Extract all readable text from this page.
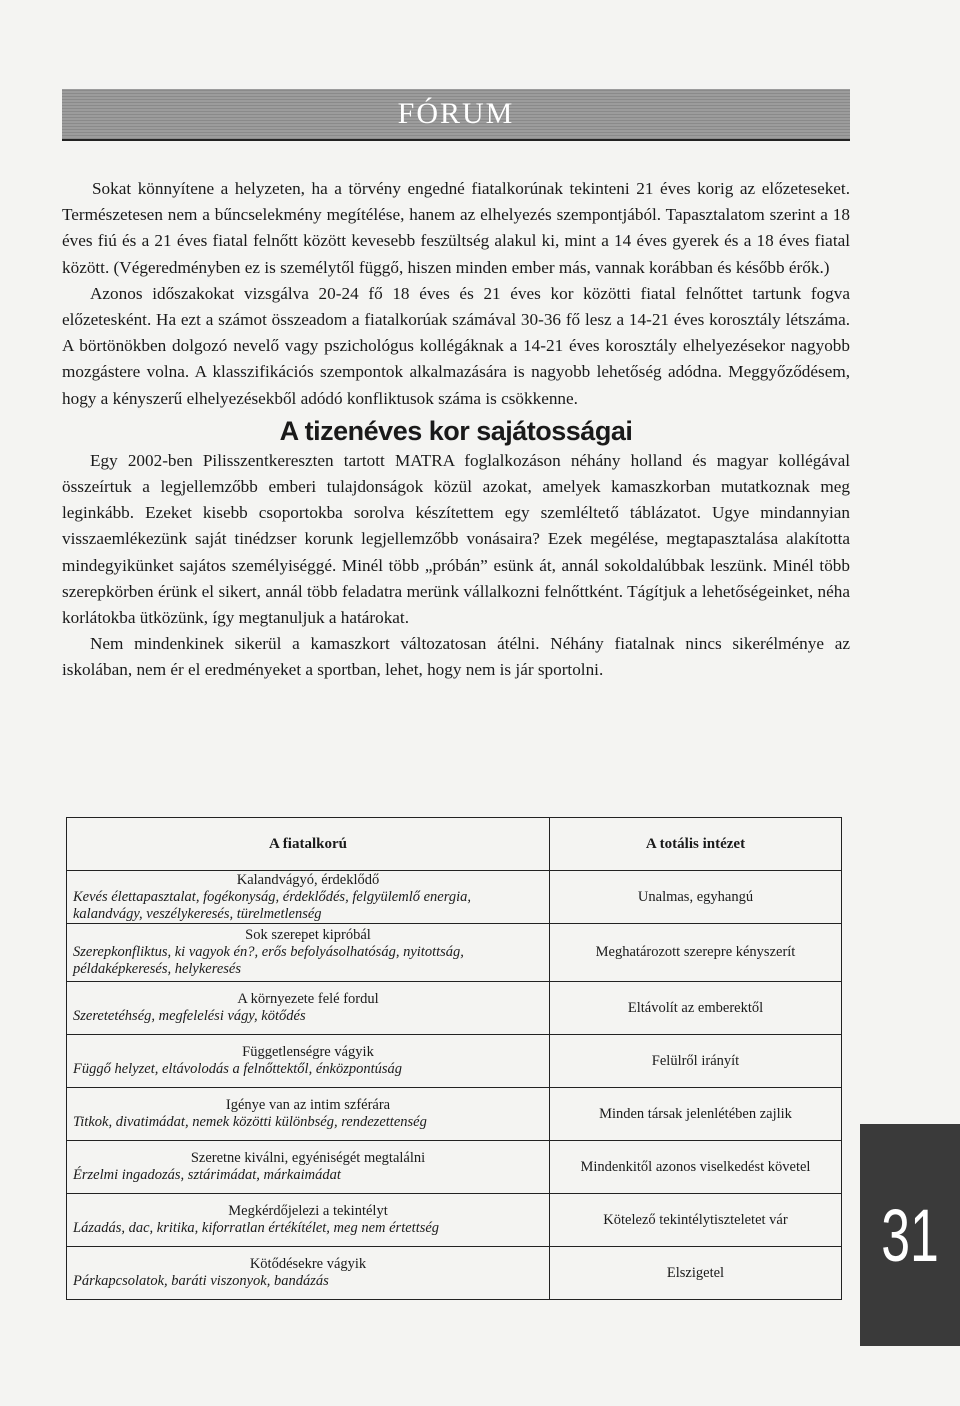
FÓRUM

Sokat könnyítene a helyzeten, ha a törvény engedné fiatalkorúnak tekinteni 21 éves korig az előzeteseket. Természetesen nem a bűncselekmény megítélése, hanem az elhelyezés szempontjából. Tapasztalatom szerint a 18 éves fiú és a 21 éves fiatal felnőtt között kevesebb feszültség alakul ki, mint a 14 éves gyerek és a 18 éves fiatal között. (Végeredményben ez is személytől függő, hiszen minden ember más, vannak korábban és később érők.)

Azonos időszakokat vizsgálva 20-24 fő 18 éves és 21 éves kor közötti fiatal felnőttet tartunk fogva előzetesként. Ha ezt a számot összeadom a fiatalkorúak számával 30-36 fő lesz a 14-21 éves korosztály létszáma. A börtönökben dolgozó nevelő vagy pszichológus kollégáknak a 14-21 éves korosztály elhelyezésekor nagyobb mozgástere volna. A klasszifikációs szempontok alkalmazására is nagyobb lehetőség adódna. Meggyőződésem, hogy a kényszerű elhelyezésekből adódó konfliktusok száma is csökkenne.

A tizenéves kor sajátosságai

Egy 2002-ben Pilisszentkereszten tartott MATRA foglalkozáson néhány holland és magyar kollégával összeírtuk a legjellemzőbb emberi tulajdonságok közül azokat, amelyek kamaszkorban mutatkoznak meg leginkább. Ezeket kisebb csoportokba sorolva készítettem egy szemléltető táblázatot. Ugye mindannyian visszaemlékezünk saját tinédzser korunk legjellemzőbb vonásaira? Ezek megélése, megtapasztalása alakította mindegyikünket sajátos személyiséggé. Minél több „próbán” esünk át, annál sokoldalúbbak leszünk. Minél több szerepkörben érünk el sikert, annál több feladatra merünk vállalkozni felnőttként. Tágítjuk a lehetőségeinket, néha korlátokba ütközünk, így megtanuljuk a határokat.

Nem mindenkinek sikerül a kamaszkort változatosan átélni. Néhány fiatalnak nincs sikerélménye az iskolában, nem ér el eredményeket a sportban, lehet, hogy nem is jár sportolni.

A fiatalkorú	A totális intézet

Kalandvágyó, érdeklődő
Kevés élettapasztalat, fogékonyság, érdeklődés, felgyülemlő energia, kalandvágy, veszélykeresés, türelmetlenség	Unalmas, egyhangú

Sok szerepet kipróbál
Szerepkonfliktus, ki vagyok én?, erős befolyásolhatóság, nyitottság, példaképkeresés, helykeresés	Meghatározott szerepre kényszerít

A környezete felé fordul
Szeretetéhség, megfelelési vágy, kötődés	Eltávolít az emberektől

Függetlenségre vágyik
Függő helyzet, eltávolodás a felnőttektől, énközpontúság	Felülről irányít

Igénye van az intim szférára
Titkok, divatimádat, nemek közötti különbség, rendezettenség	Minden társak jelenlétében zajlik

Szeretne kiválni, egyéniségét megtalálni
Érzelmi ingadozás, sztárimádat, márkaimádat	Mindenkitől azonos viselkedést követel

Megkérdőjelezi a tekintélyt
Lázadás, dac, kritika, kiforratlan értékítélet, meg nem értettség	Kötelező tekintélytiszteletet vár

Kötődésekre vágyik
Párkapcsolatok, baráti viszonyok, bandázás	Elszigetel 31
